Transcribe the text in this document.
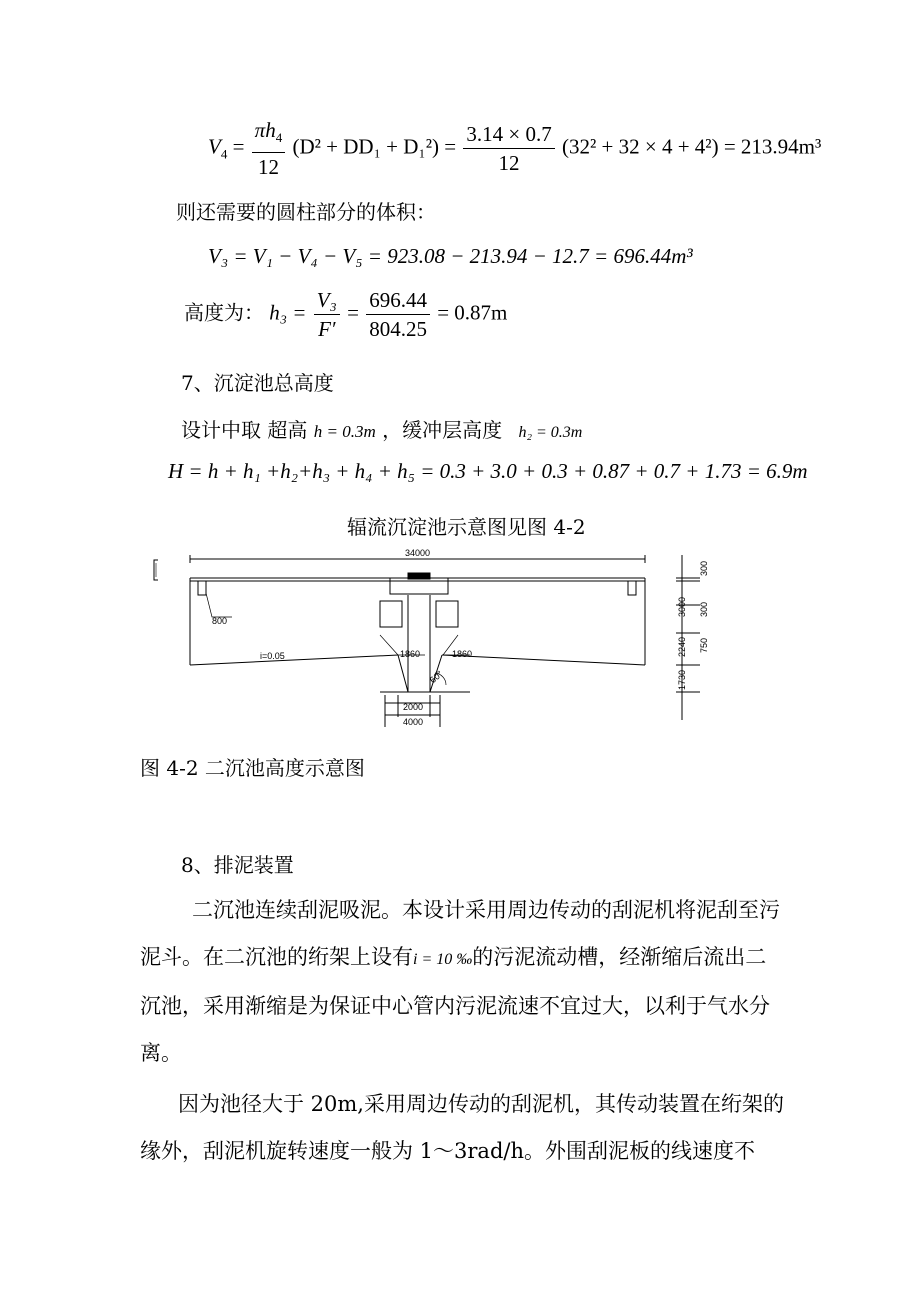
$V_4 = \frac{\pi h_4}{12} (D^2 + DD_1 + D_1^2) = \frac{3.14 \times 0.7}{12} (32^2 + 32 \times 4 + 4^2) = 213.94m^3$
则还需要的圆柱部分的体积：
V₃ = V₁ − V₄ − V₅ = 923.08 − 213.94 − 12.7 = 696.44m³
高度为： $h_3 = \frac{\text{V₃}}{F'} = \frac{696.44}{804.25} = 0.87m$
7、沉淀池总高度
设计中取 超高 h = 0.3m ，缓冲层高度 h₂ = 0.3m
H = h + h₁ +h₂+h₃ + h₄ + h₅ = 0.3 + 3.0 + 0.3 + 0.87 + 0.7 + 1.73 = 6.9m
辐流沉淀池示意图见图 4-2
34000
800
i=0.05	1860	1860
60°
2000
4000
300
3000 300
2240 750
1730
图 4-2 二沉池高度示意图
8、排泥装置
二沉池连续刮泥吸泥。本设计采用周边传动的刮泥机将泥刮至污泥斗。在二沉池的绗架上设有i = 10 ‰的污泥流动槽，经渐缩后流出二沉池，采用渐缩是为保证中心管内污泥流速不宜过大，以利于气水分离。
因为池径大于 20m,采用周边传动的刮泥机，其传动装置在绗架的缘外，刮泥机旋转速度一般为 1～3rad/h。外围刮泥板的线速度不
